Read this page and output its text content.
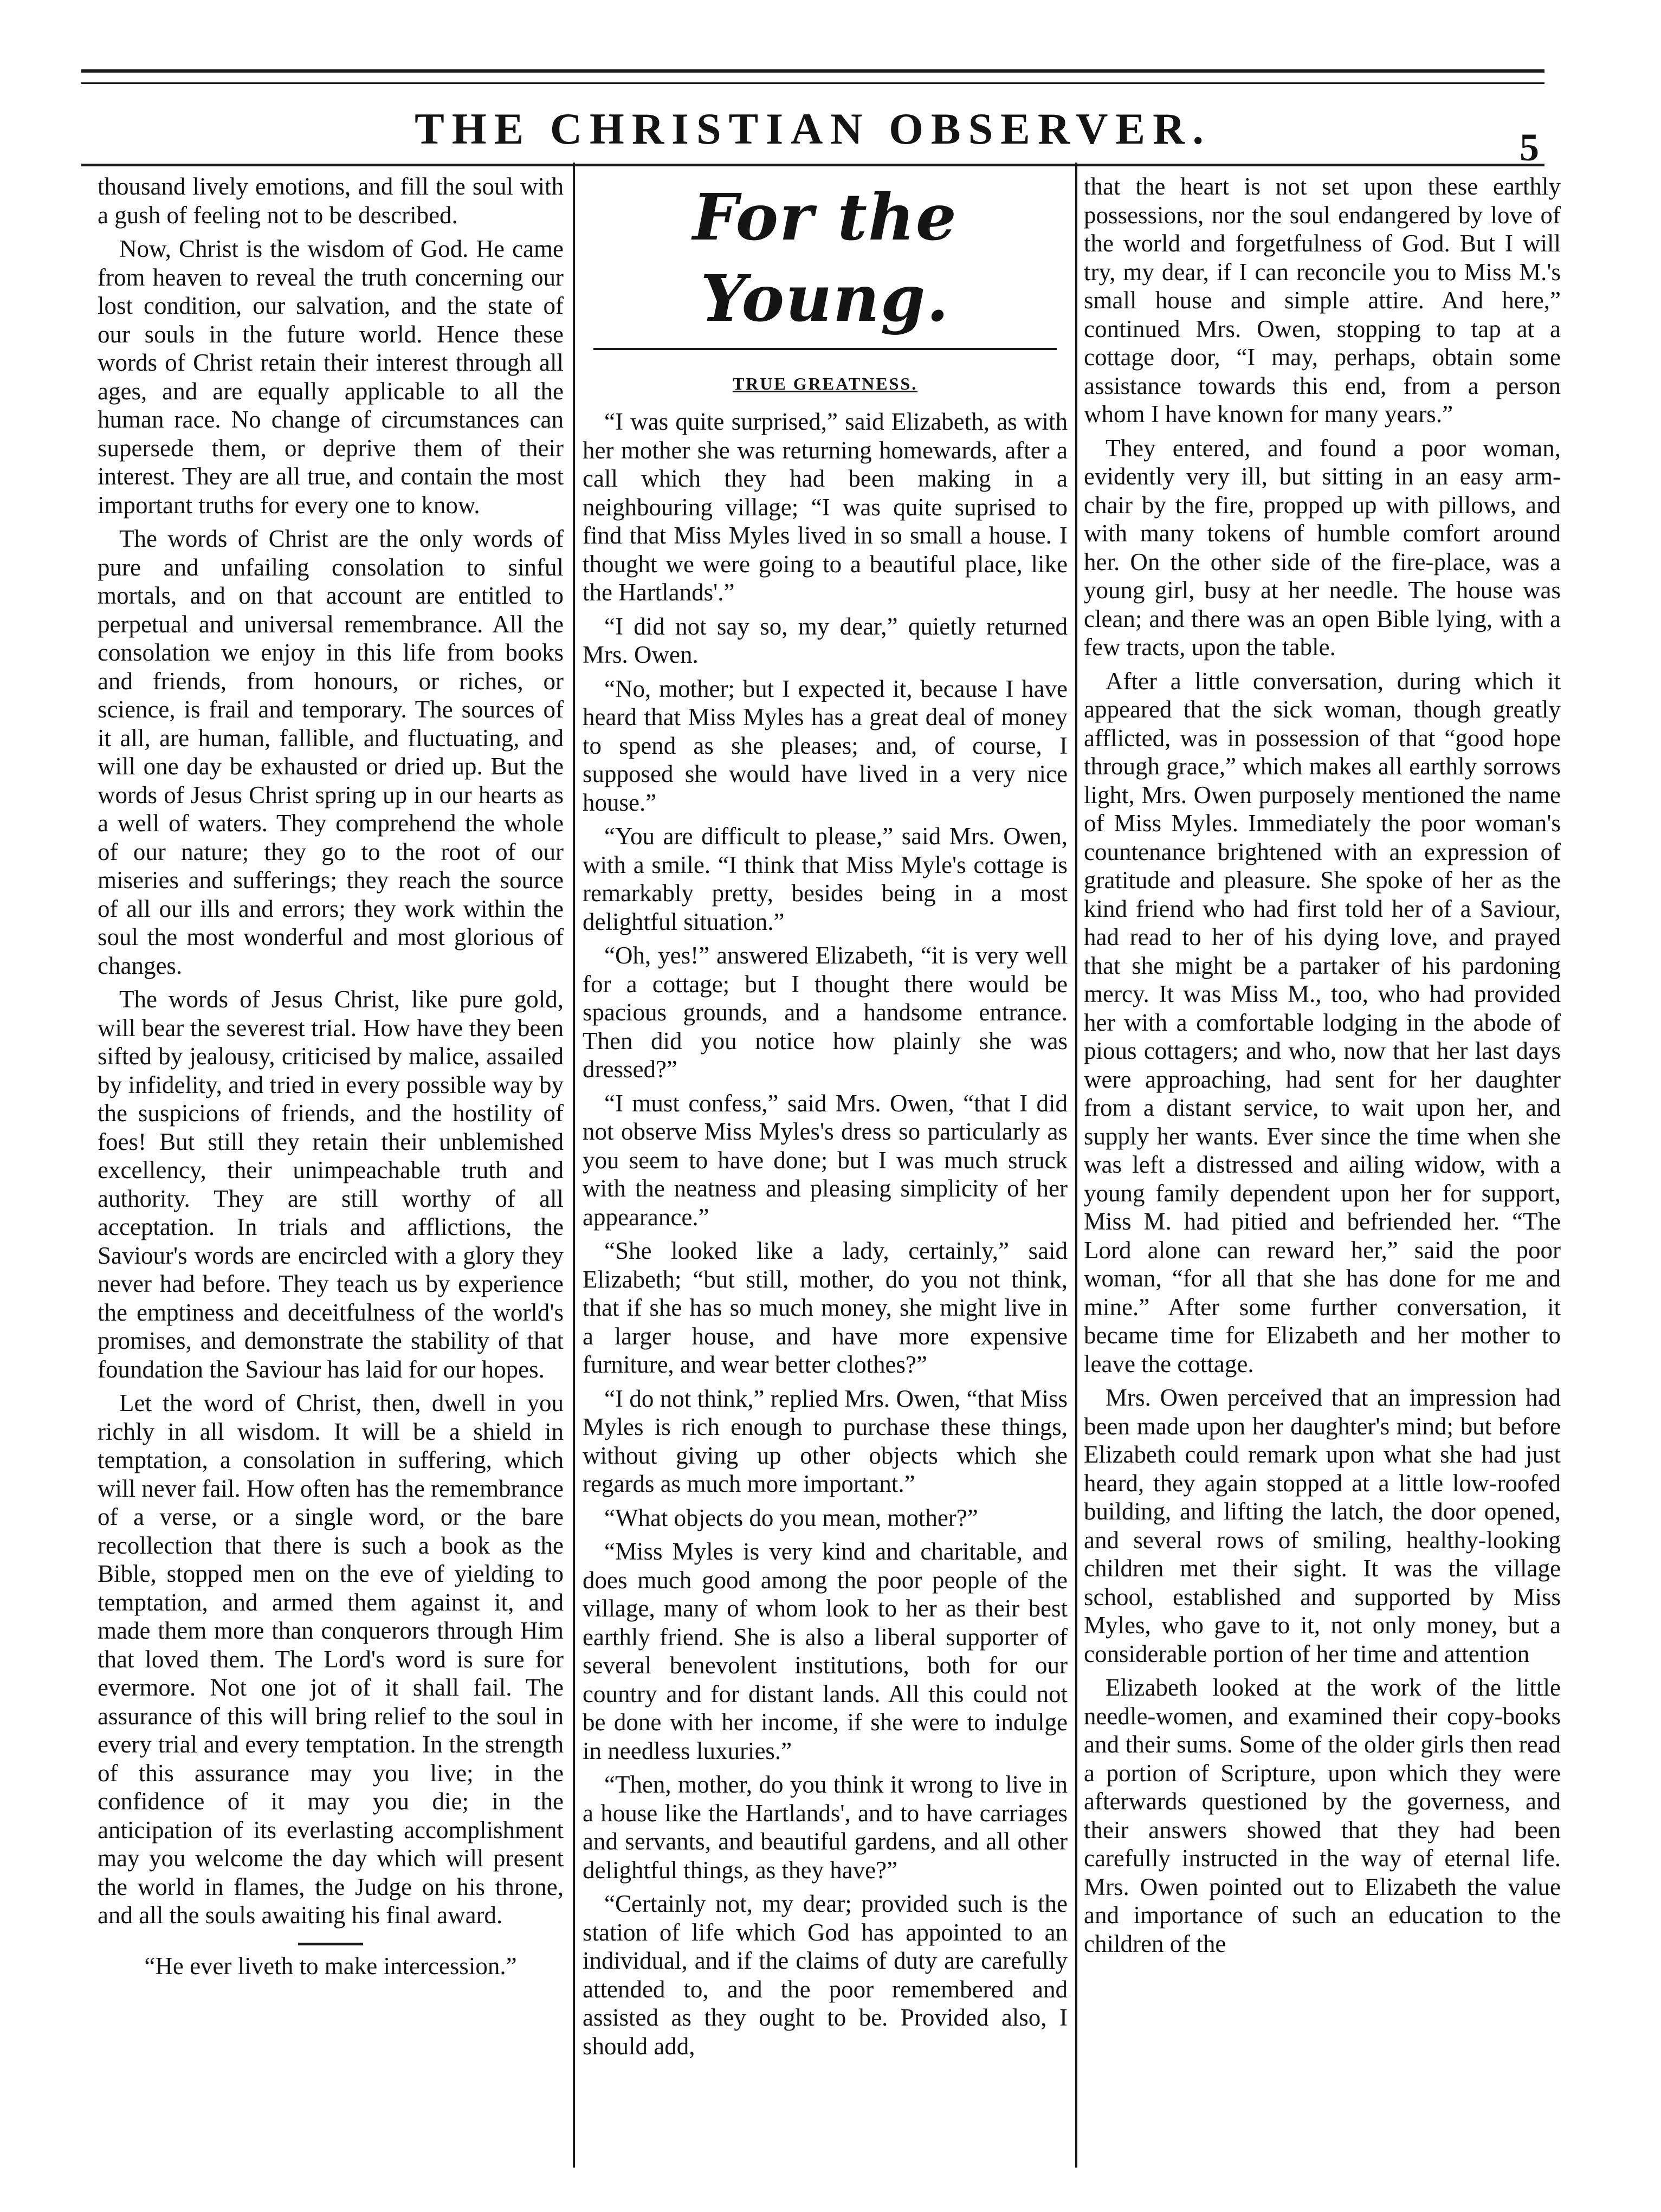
THE CHRISTIAN OBSERVER.	5

thousand lively emotions, and fill the soul with a gush of feeling not to be described.

Now, Christ is the wisdom of God. He came from heaven to reveal the truth concerning our lost condition, our salvation, and the state of our souls in the future world. Hence these words of Christ retain their interest through all ages, and are equally applicable to all the human race. No change of circumstances can supersede them, or deprive them of their interest. They are all true, and contain the most important truths for every one to know.

The words of Christ are the only words of pure and unfailing consolation to sinful mortals, and on that account are entitled to perpetual and universal remembrance. All the consolation we enjoy in this life from books and friends, from honours, or riches, or science, is frail and temporary. The sources of it all, are human, fallible, and fluctuating, and will one day be exhausted or dried up. But the words of Jesus Christ spring up in our hearts as a well of waters. They comprehend the whole of our nature; they go to the root of our miseries and sufferings; they reach the source of all our ills and errors; they work within the soul the most wonderful and most glorious of changes.

The words of Jesus Christ, like pure gold, will bear the severest trial. How have they been sifted by jealousy, criticised by malice, assailed by infidelity, and tried in every possible way by the suspicions of friends, and the hostility of foes! But still they retain their unblemished excellency, their unimpeachable truth and authority. They are still worthy of all acceptation. In trials and afflictions, the Saviour's words are encircled with a glory they never had before. They teach us by experience the emptiness and deceitfulness of the world's promises, and demonstrate the stability of that foundation the Saviour has laid for our hopes.

Let the word of Christ, then, dwell in you richly in all wisdom. It will be a shield in temptation, a consolation in suffering, which will never fail. How often has the remembrance of a verse, or a single word, or the bare recollection that there is such a book as the Bible, stopped men on the eve of yielding to temptation, and armed them against it, and made them more than conquerors through Him that loved them. The Lord's word is sure for evermore. Not one jot of it shall fail. The assurance of this will bring relief to the soul in every trial and every temptation. In the strength of this assurance may you live; in the confidence of it may you die; in the anticipation of its everlasting accomplishment may you welcome the day which will present the world in flames, the Judge on his throne, and all the souls awaiting his final award.

“He ever liveth to make intercession.”
For the Young.
TRUE GREATNESS.

“I was quite surprised,” said Elizabeth, as with her mother she was returning homewards, after a call which they had been making in a neighbouring village; “I was quite suprised to find that Miss Myles lived in so small a house. I thought we were going to a beautiful place, like the Hartlands'.”

“I did not say so, my dear,” quietly returned Mrs. Owen.

“No, mother; but I expected it, because I have heard that Miss Myles has a great deal of money to spend as she pleases; and, of course, I supposed she would have lived in a very nice house.”

“You are difficult to please,” said Mrs. Owen, with a smile. “I think that Miss Myle's cottage is remarkably pretty, besides being in a most delightful situation.”

“Oh, yes!” answered Elizabeth, “it is very well for a cottage; but I thought there would be spacious grounds, and a handsome entrance. Then did you notice how plainly she was dressed?”

“I must confess,” said Mrs. Owen, “that I did not observe Miss Myles's dress so particularly as you seem to have done; but I was much struck with the neatness and pleasing simplicity of her appearance.”

“She looked like a lady, certainly,” said Elizabeth; “but still, mother, do you not think, that if she has so much money, she might live in a larger house, and have more expensive furniture, and wear better clothes?”

“I do not think,” replied Mrs. Owen, “that Miss Myles is rich enough to purchase these things, without giving up other objects which she regards as much more important.”

“What objects do you mean, mother?”

“Miss Myles is very kind and charitable, and does much good among the poor people of the village, many of whom look to her as their best earthly friend. She is also a liberal supporter of several benevolent institutions, both for our country and for distant lands. All this could not be done with her income, if she were to indulge in needless luxuries.”

“Then, mother, do you think it wrong to live in a house like the Hartlands', and to have carriages and servants, and beautiful gardens, and all other delightful things, as they have?”

“Certainly not, my dear; provided such is the station of life which God has appointed to an individual, and if the claims of duty are carefully attended to, and the poor remembered and assisted as they ought to be. Provided also, I should add,

that the heart is not set upon these earthly possessions, nor the soul endangered by love of the world and forgetfulness of God. But I will try, my dear, if I can reconcile you to Miss M.'s small house and simple attire. And here,” continued Mrs. Owen, stopping to tap at a cottage door, “I may, perhaps, obtain some assistance towards this end, from a person whom I have known for many years.”

They entered, and found a poor woman, evidently very ill, but sitting in an easy arm-chair by the fire, propped up with pillows, and with many tokens of humble comfort around her. On the other side of the fire-place, was a young girl, busy at her needle. The house was clean; and there was an open Bible lying, with a few tracts, upon the table.

After a little conversation, during which it appeared that the sick woman, though greatly afflicted, was in possession of that “good hope through grace,” which makes all earthly sorrows light, Mrs. Owen purposely mentioned the name of Miss Myles. Immediately the poor woman's countenance brightened with an expression of gratitude and pleasure. She spoke of her as the kind friend who had first told her of a Saviour, had read to her of his dying love, and prayed that she might be a partaker of his pardoning mercy. It was Miss M., too, who had provided her with a comfortable lodging in the abode of pious cottagers; and who, now that her last days were approaching, had sent for her daughter from a distant service, to wait upon her, and supply her wants. Ever since the time when she was left a distressed and ailing widow, with a young family dependent upon her for support, Miss M. had pitied and befriended her. “The Lord alone can reward her,” said the poor woman, “for all that she has done for me and mine.” After some further conversation, it became time for Elizabeth and her mother to leave the cottage.

Mrs. Owen perceived that an impression had been made upon her daughter's mind; but before Elizabeth could remark upon what she had just heard, they again stopped at a little low-roofed building, and lifting the latch, the door opened, and several rows of smiling, healthy-looking children met their sight. It was the village school, established and supported by Miss Myles, who gave to it, not only money, but a considerable portion of her time and attention

Elizabeth looked at the work of the little needle-women, and examined their copy-books and their sums. Some of the older girls then read a portion of Scripture, upon which they were afterwards questioned by the governess, and their answers showed that they had been carefully instructed in the way of eternal life. Mrs. Owen pointed out to Elizabeth the value and importance of such an education to the children of the
